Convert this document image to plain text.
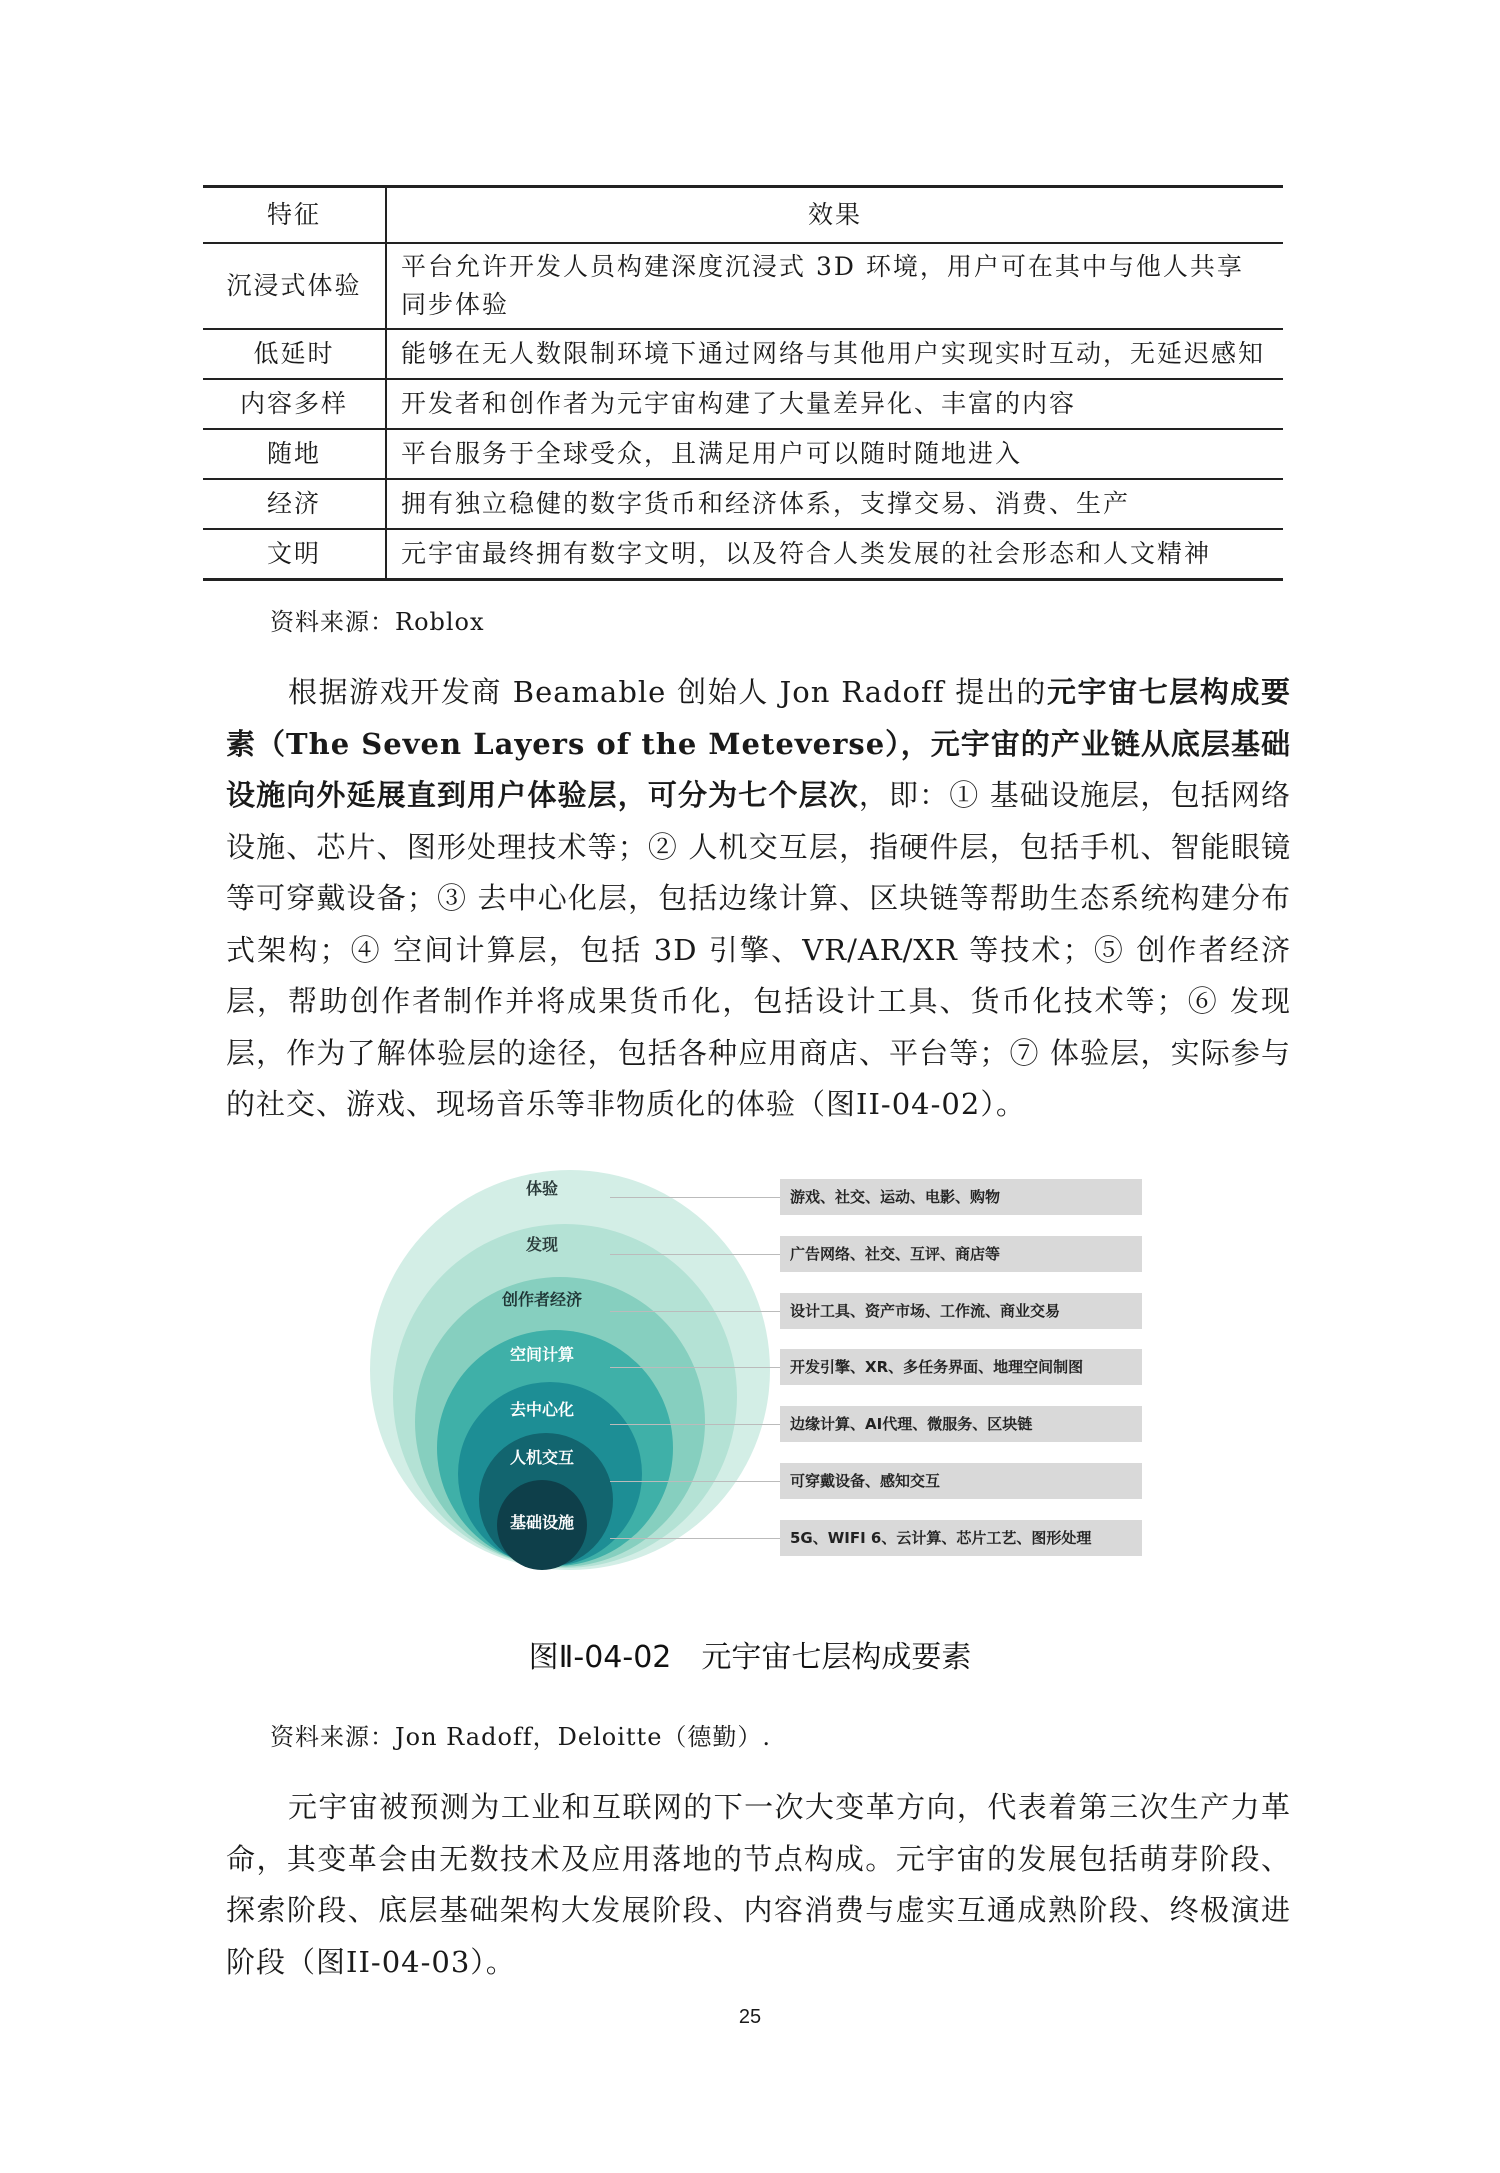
特征	效果
沉浸式体验	平台允许开发人员构建深度沉浸式 3D 环境，用户可在其中与他人共享同步体验
低延时	能够在无人数限制环境下通过网络与其他用户实现实时互动，无延迟感知
内容多样	开发者和创作者为元宇宙构建了大量差异化、丰富的内容
随地	平台服务于全球受众，且满足用户可以随时随地进入
经济	拥有独立稳健的数字货币和经济体系，支撑交易、消费、生产
文明	元宇宙最终拥有数字文明，以及符合人类发展的社会形态和人文精神
资料来源：Roblox

根据游戏开发商 Beamable 创始人 Jon Radoff 提出的元宇宙七层构成要素（The Seven Layers of the Meteverse），元宇宙的产业链从底层基础设施向外延展直到用户体验层，可分为七个层次，即：① 基础设施层，包括网络设施、芯片、图形处理技术等；② 人机交互层，指硬件层，包括手机、智能眼镜等可穿戴设备；③ 去中心化层，包括边缘计算、区块链等帮助生态系统构建分布式架构；④ 空间计算层，包括 3D 引擎、VR/AR/XR 等技术；⑤ 创作者经济层，帮助创作者制作并将成果货币化，包括设计工具、货币化技术等；⑥ 发现层，作为了解体验层的途径，包括各种应用商店、平台等；⑦ 体验层，实际参与的社交、游戏、现场音乐等非物质化的体验（图II-04-02）。

体验
发现
创作者经济
空间计算
去中心化
人机交互
基础设施
游戏、社交、运动、电影、购物
广告网络、社交、互评、商店等
设计工具、资产市场、工作流、商业交易
开发引擎、XR、多任务界面、地理空间制图
边缘计算、AI代理、微服务、区块链
可穿戴设备、感知交互
5G、WIFI 6、云计算、芯片工艺、图形处理
图Ⅱ-04-02　元宇宙七层构成要素
资料来源：Jon Radoff，Deloitte（德勤）.

元宇宙被预测为工业和互联网的下一次大变革方向，代表着第三次生产力革命，其变革会由无数技术及应用落地的节点构成。元宇宙的发展包括萌芽阶段、探索阶段、底层基础架构大发展阶段、内容消费与虚实互通成熟阶段、终极演进阶段（图II-04-03）。

25
